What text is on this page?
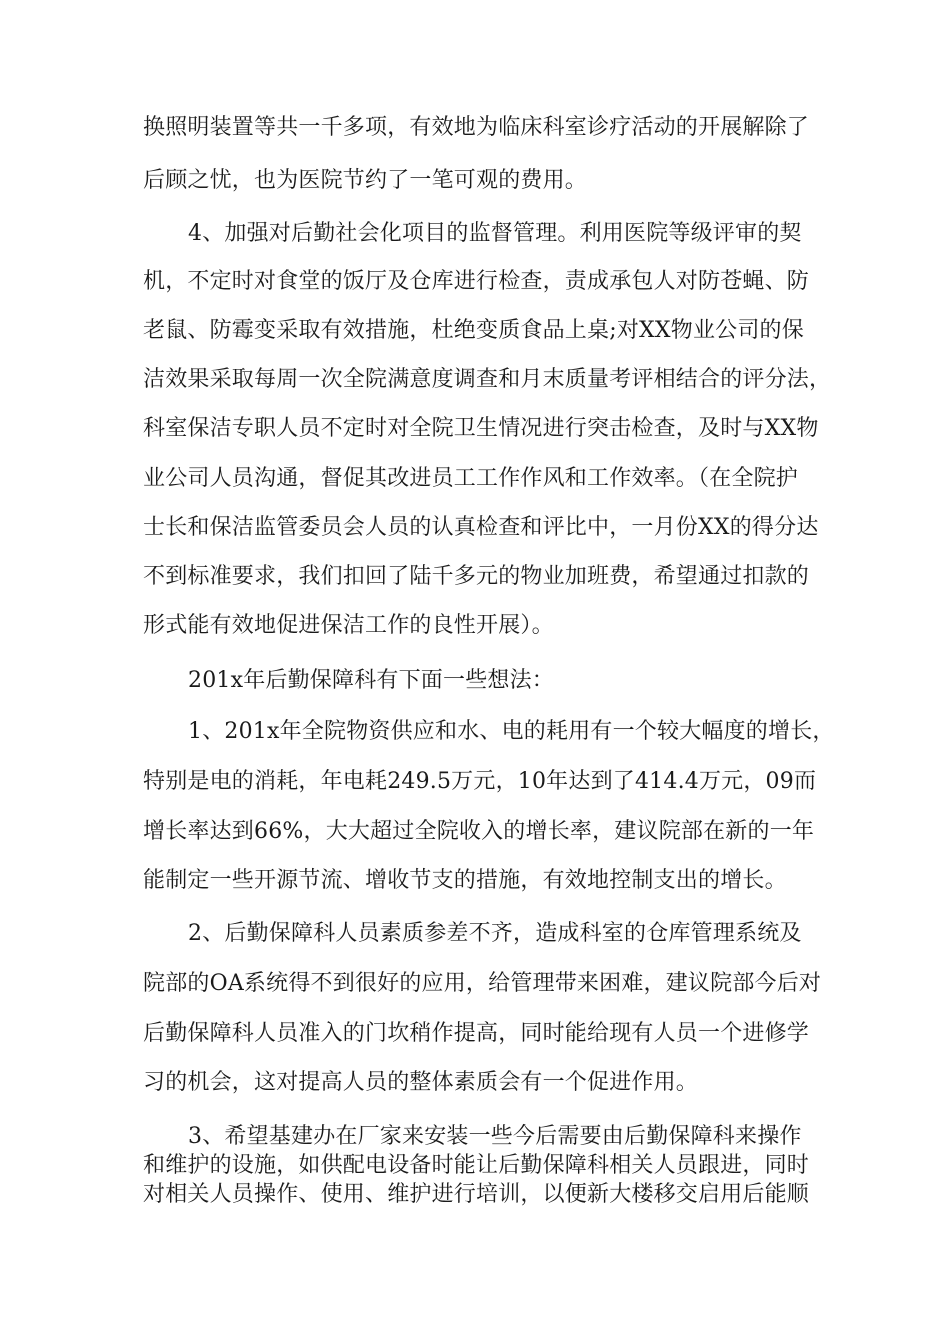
换照明装置等共一千多项，有效地为临床科室诊疗活动的开展解除了
后顾之忧，也为医院节约了一笔可观的费用。
4、加强对后勤社会化项目的监督管理。利用医院等级评审的契
机，不定时对食堂的饭厅及仓库进行检查，责成承包人对防苍蝇、防
老鼠、防霉变采取有效措施，杜绝变质食品上桌;对XX物业公司的保
洁效果采取每周一次全院满意度调查和月末质量考评相结合的评分法，
科室保洁专职人员不定时对全院卫生情况进行突击检查，及时与XX物
业公司人员沟通，督促其改进员工工作作风和工作效率。（在全院护
士长和保洁监管委员会人员的认真检查和评比中，一月份XX的得分达
不到标准要求，我们扣回了陆千多元的物业加班费，希望通过扣款的
形式能有效地促进保洁工作的良性开展）。
201x年后勤保障科有下面一些想法：
1、201x年全院物资供应和水、电的耗用有一个较大幅度的增长，
特别是电的消耗，年电耗249.5万元，10年达到了414.4万元，09而
增长率达到66%，大大超过全院收入的增长率，建议院部在新的一年
能制定一些开源节流、增收节支的措施，有效地控制支出的增长。
2、后勤保障科人员素质参差不齐，造成科室的仓库管理系统及
院部的OA系统得不到很好的应用，给管理带来困难，建议院部今后对
后勤保障科人员准入的门坎稍作提高，同时能给现有人员一个进修学
习的机会，这对提高人员的整体素质会有一个促进作用。
3、希望基建办在厂家来安装一些今后需要由后勤保障科来操作
和维护的设施，如供配电设备时能让后勤保障科相关人员跟进，同时
对相关人员操作、使用、维护进行培训，以便新大楼移交启用后能顺
